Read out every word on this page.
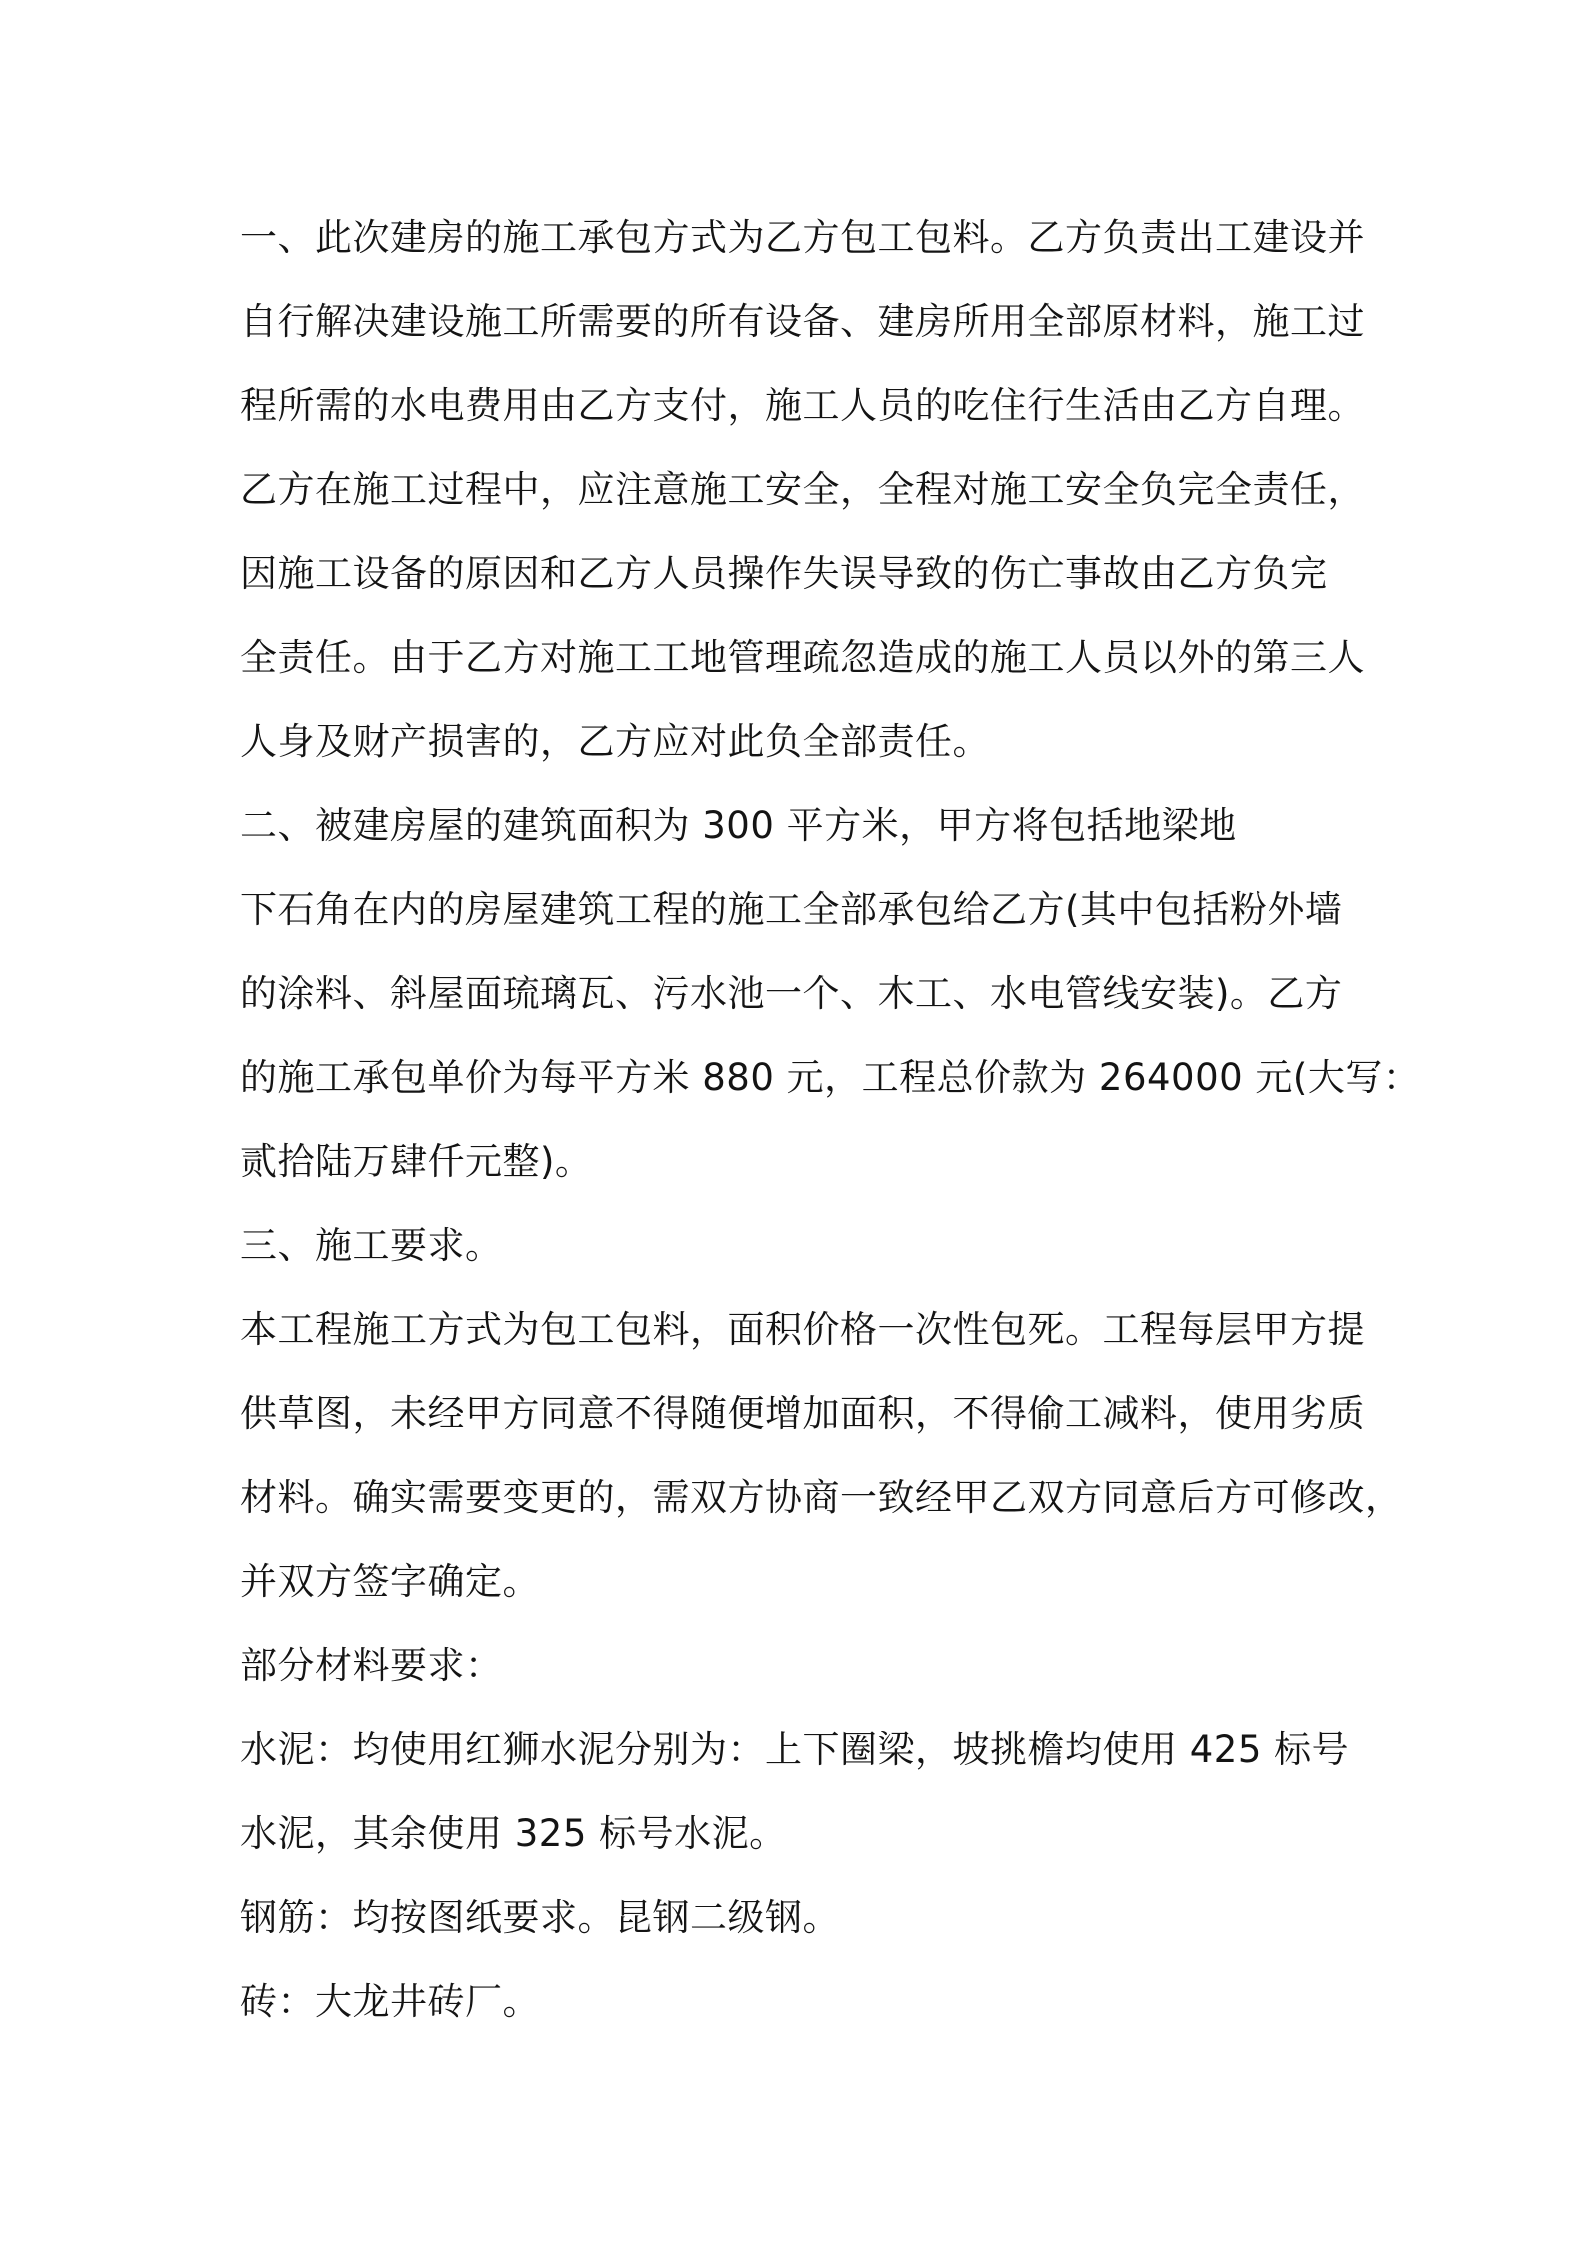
一、此次建房的施工承包方式为乙方包工包料。乙方负责出工建设并
自行解决建设施工所需要的所有设备、建房所用全部原材料，施工过
程所需的水电费用由乙方支付，施工人员的吃住行生活由乙方自理。
乙方在施工过程中，应注意施工安全，全程对施工安全负完全责任，
因施工设备的原因和乙方人员操作失误导致的伤亡事故由乙方负完
全责任。由于乙方对施工工地管理疏忽造成的施工人员以外的第三人
人身及财产损害的，乙方应对此负全部责任。
二、被建房屋的建筑面积为 300 平方米，甲方将包括地梁地
下石角在内的房屋建筑工程的施工全部承包给乙方(其中包括粉外墙
的涂料、斜屋面琉璃瓦、污水池一个、木工、水电管线安装)。乙方
的施工承包单价为每平方米 880 元，工程总价款为 264000 元(大写：
贰拾陆万肆仟元整)。
三、施工要求。
本工程施工方式为包工包料，面积价格一次性包死。工程每层甲方提
供草图，未经甲方同意不得随便增加面积，不得偷工减料，使用劣质
材料。确实需要变更的，需双方协商一致经甲乙双方同意后方可修改，
并双方签字确定。
部分材料要求：
水泥：均使用红狮水泥分别为：上下圈梁，坡挑檐均使用 425 标号
水泥，其余使用 325 标号水泥。
钢筋：均按图纸要求。昆钢二级钢。
砖：大龙井砖厂。
